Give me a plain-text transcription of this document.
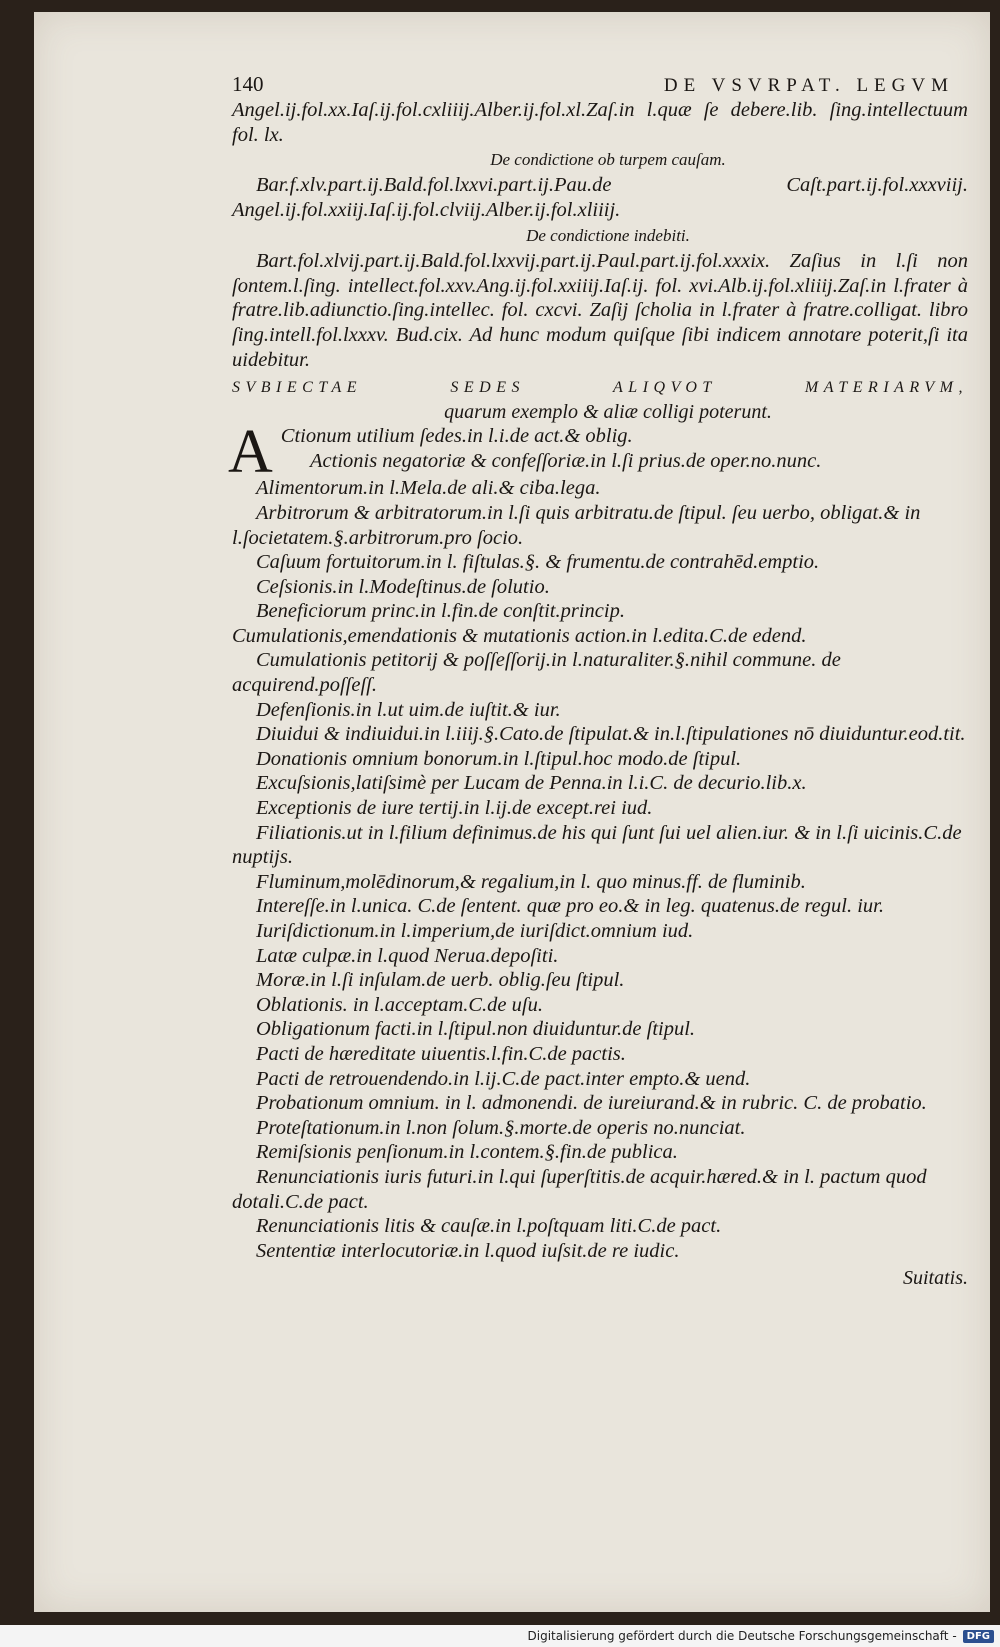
140	DE VSVRPAT. LEGVM

Angel.ij.fol.xx.Iaſ.ij.fol.cxliiij.Alber.ij.fol.xl.Zaſ.in l.quæ ſe debere.lib. ſing.intellectuum fol. lx.

De condictione ob turpem cauſam.

Bar.f.xlv.part.ij.Bald.fol.lxxvi.part.ij.Pau.de Caſt.part.ij.fol.xxxviij. Angel.ij.fol.xxiij.Iaſ.ij.fol.clviij.Alber.ij.fol.xliiij.

De condictione indebiti.

Bart.fol.xlvij.part.ij.Bald.fol.lxxvij.part.ij.Paul.part.ij.fol.xxxix. Zaſius in l.ſi non ſontem.l.ſing. intellect.fol.xxv.Ang.ij.fol.xxiiij.Iaſ.ij. fol. xvi.Alb.ij.fol.xliiij.Zaſ.in l.frater à fratre.lib.adiunctio.ſing.intellec. fol. cxcvi. Zaſij ſcholia in l.frater à fratre.colligat. libro ſing.intell.fol.lxxxv. Bud.cix. Ad hunc modum quiſque ſibi indicem annotare poterit,ſi ita uidebitur.

SVBIECTAE SEDES ALIQVOT MATERIARVM,
quarum exemplo & aliæ colligi poterunt.
A Ctionum utilium ſedes.in l.i.de act.& oblig.

Actionis negatoriæ & confeſſoriæ.in l.ſi prius.de oper.no.nunc.

Alimentorum.in l.Mela.de ali.& ciba.lega.

Arbitrorum & arbitratorum.in l.ſi quis arbitratu.de ſtipul. ſeu uerbo, obligat.& in l.ſocietatem.§.arbitrorum.pro ſocio.

Caſuum fortuitorum.in l. fiſtulas.§. & frumentu.de contrahēd.emptio.

Ceſsionis.in l.Modeſtinus.de ſolutio.

Beneficiorum princ.in l.fin.de conſtit.princip.

Cumulationis,emendationis & mutationis action.in l.edita.C.de edend.

Cumulationis petitorij & poſſeſſorij.in l.naturaliter.§.nihil commune. de acquirend.poſſeſſ.

Defenſionis.in l.ut uim.de iuſtit.& iur.

Diuidui & indiuidui.in l.iiij.§.Cato.de ſtipulat.& in.l.ſtipulationes nō diuiduntur.eod.tit.

Donationis omnium bonorum.in l.ſtipul.hoc modo.de ſtipul.

Excuſsionis,latiſsimè per Lucam de Penna.in l.i.C. de decurio.lib.x.

Exceptionis de iure tertij.in l.ij.de except.rei iud.

Filiationis.ut in l.filium definimus.de his qui ſunt ſui uel alien.iur. & in l.ſi uicinis.C.de nuptijs.

Fluminum,molēdinorum,& regalium,in l. quo minus.ff. de fluminib.

Intereſſe.in l.unica. C.de ſentent. quæ pro eo.& in leg. quatenus.de regul. iur.

Iuriſdictionum.in l.imperium,de iuriſdict.omnium iud.

Latæ culpæ.in l.quod Nerua.depoſiti.

Moræ.in l.ſi inſulam.de uerb. oblig.ſeu ſtipul.

Oblationis. in l.acceptam.C.de uſu.

Obligationum facti.in l.ſtipul.non diuiduntur.de ſtipul.

Pacti de hæreditate uiuentis.l.fin.C.de pactis.

Pacti de retrouendendo.in l.ij.C.de pact.inter empto.& uend.

Probationum omnium. in l. admonendi. de iureiurand.& in rubric. C. de probatio.

Proteſtationum.in l.non ſolum.§.morte.de operis no.nunciat.

Remiſsionis penſionum.in l.contem.§.fin.de publica.

Renunciationis iuris futuri.in l.qui ſuperſtitis.de acquir.hæred.& in l. pactum quod dotali.C.de pact.

Renunciationis litis & cauſæ.in l.poſtquam liti.C.de pact.

Sententiæ interlocutoriæ.in l.quod iuſsit.de re iudic.

Suitatis.
Digitalisierung gefördert durch die Deutsche Forschungsgemeinschaft -	DFG
